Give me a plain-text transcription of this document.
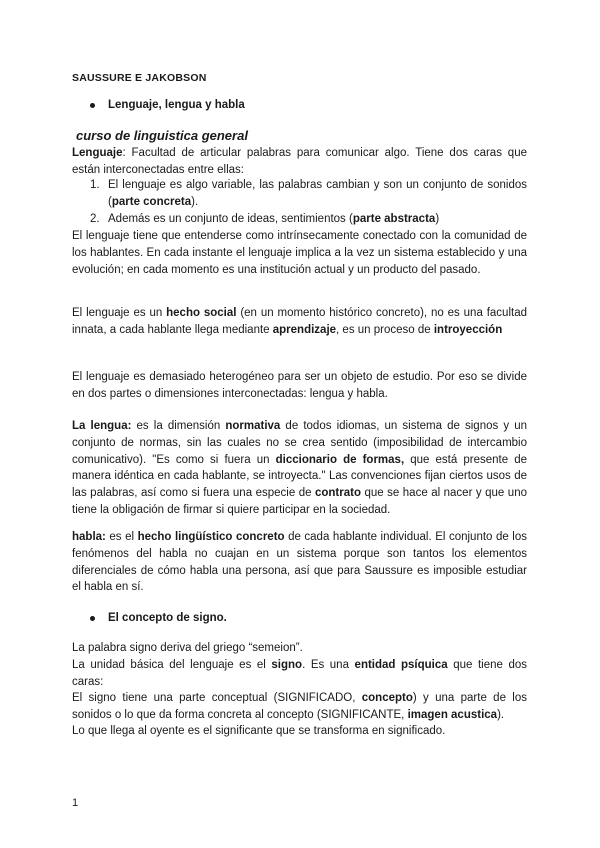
SAUSSURE E JAKOBSON
Lenguaje, lengua y habla
curso de linguistica general
Lenguaje: Facultad de articular palabras para comunicar algo. Tiene dos caras que están interconectadas entre ellas:
1. El lenguaje es algo variable, las palabras cambian y son un conjunto de sonidos (parte concreta).
2. Además es un conjunto de ideas, sentimientos (parte abstracta)
El lenguaje tiene que entenderse como intrínsecamente conectado con la comunidad de los hablantes. En cada instante el lenguaje implica a la vez un sistema establecido y una evolución; en cada momento es una institución actual y un producto del pasado.
El lenguaje es un hecho social (en un momento histórico concreto), no es una facultad innata, a cada hablante llega mediante aprendizaje, es un proceso de introyección
El lenguaje es demasiado heterogéneo para ser un objeto de estudio. Por eso se divide en dos partes o dimensiones interconectadas: lengua y habla.
La lengua: es la dimensión normativa de todos idiomas, un sistema de signos y un conjunto de normas, sin las cuales no se crea sentido (imposibilidad de intercambio comunicativo). "Es como si fuera un diccionario de formas, que está presente de manera idéntica en cada hablante, se introyecta." Las convenciones fijan ciertos usos de las palabras, así como si fuera una especie de contrato que se hace al nacer y que uno tiene la obligación de firmar si quiere participar en la sociedad.
habla: es el hecho lingüístico concreto de cada hablante individual. El conjunto de los fenómenos del habla no cuajan en un sistema porque son tantos los elementos diferenciales de cómo habla una persona, así que para Saussure es imposible estudiar el habla en sí.
El concepto de signo.
La palabra signo deriva del griego “semeion”.
La unidad básica del lenguaje es el signo. Es una entidad psíquica que tiene dos caras:
El signo tiene una parte conceptual (SIGNIFICADO, concepto) y una parte de los sonidos o lo que da forma concreta al concepto (SIGNIFICANTE, imagen acustica).
Lo que llega al oyente es el significante que se transforma en significado.
1
